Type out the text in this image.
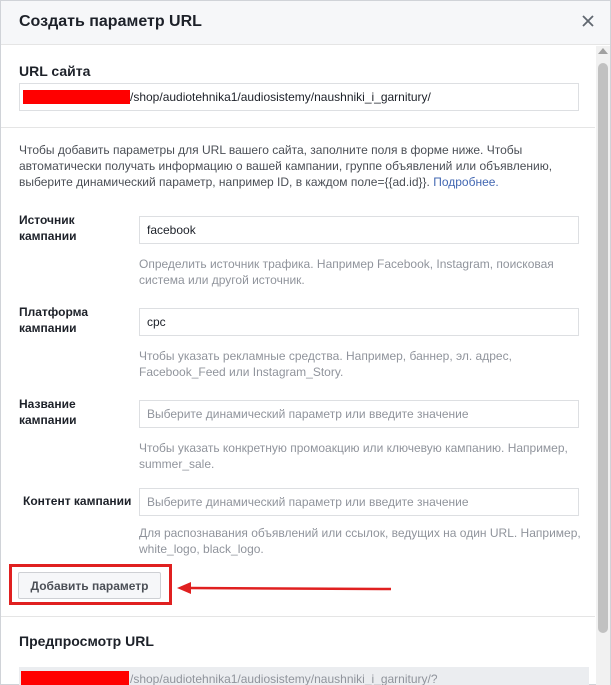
Создать параметр URL
URL сайта
/shop/audiotehnika1/audiosistemy/naushniki_i_garnitury/
Чтобы добавить параметры для URL вашего сайта, заполните поля в форме ниже. Чтобы автоматически получать информацию о вашей кампании, группе объявлений или объявлению, выберите динамический параметр, например ID, в каждом поле={{ad.id}}. Подробнее.
Источник кампании
facebook
Определить источник трафика. Например Facebook, Instagram, поисковая система или другой источник.
Платформа кампании
cpc
Чтобы указать рекламные средства. Например, баннер, эл. адрес, Facebook_Feed или Instagram_Story.
Название кампании
Выберите динамический параметр или введите значение
Чтобы указать конкретную промоакцию или ключевую кампанию. Например, summer_sale.
Контент кампании
Выберите динамический параметр или введите значение
Для распознавания объявлений или ссылок, ведущих на один URL. Например, white_logo, black_logo.
Добавить параметр
Предпросмотр URL
/shop/audiotehnika1/audiosistemy/naushniki_i_garnitury/?
